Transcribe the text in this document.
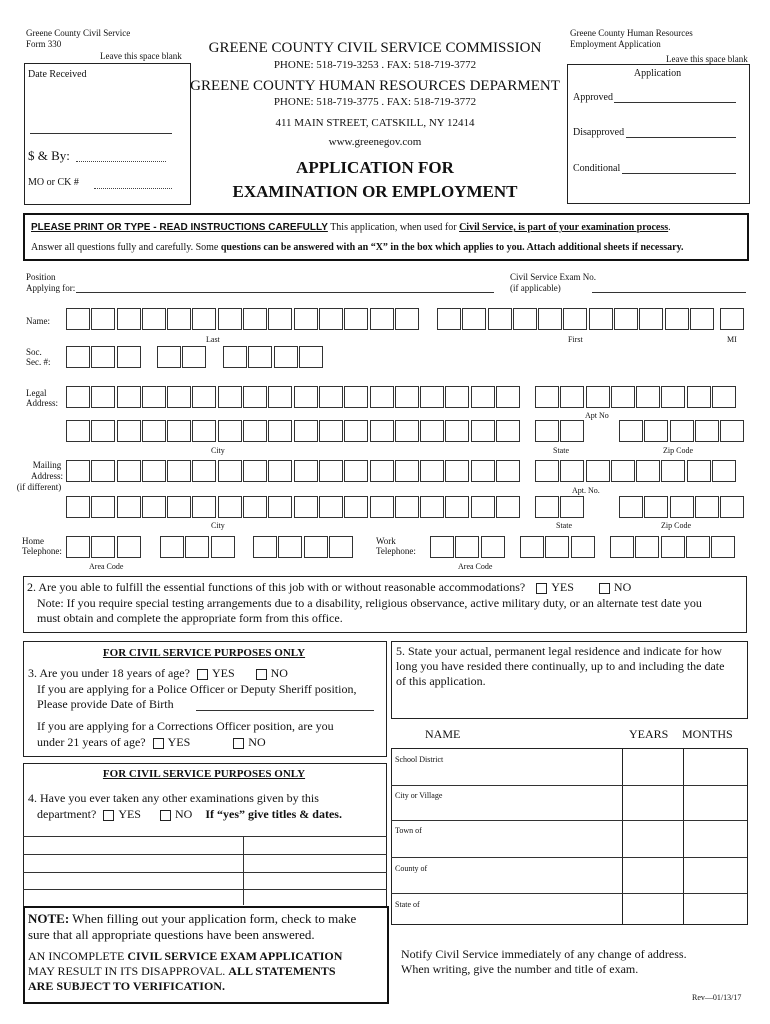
Greene County Civil Service
Form 330
Leave this space blank
Date Received
$ & By:
MO or CK #
GREENE COUNTY CIVIL SERVICE COMMISSION
PHONE: 518-719-3253 . FAX: 518-719-3772
GREENE COUNTY HUMAN RESOURCES DEPARMENT
PHONE: 518-719-3775 . FAX: 518-719-3772
411 MAIN STREET, CATSKILL, NY 12414
www.greenegov.com
APPLICATION FOR
EXAMINATION OR EMPLOYMENT
Greene County Human Resources
Employment Application
Leave this space blank
Application
Approved
Disapproved
Conditional
PLEASE PRINT OR TYPE - READ INSTRUCTIONS CAREFULLY This application, when used for Civil Service, is part of your examination process.
Answer all questions fully and carefully. Some questions can be answered with an “X” in the box which applies to you. Attach additional sheets if necessary.
Position
Applying for:
Civil Service Exam No.
(if applicable)
Name:
Last	First	MI
Soc.
Sec. #:
Legal
Address:
Apt No
City	State	Zip Code
Mailing
Address:
(if different)	Apt. No.
City	State	Zip Code
Home
Telephone:
Area Code
Work
Telephone:
Area Code
2. Are you able to fulfill the essential functions of this job with or without reasonable accommodations? YES	NO
Note: If you require special testing arrangements due to a disability, religious observance, active military duty, or an alternate test date you
must obtain and complete the appropriate form from this office.
FOR CIVIL SERVICE PURPOSES ONLY
3. Are you under 18 years of age? YES	NO
If you are applying for a Police Officer or Deputy Sheriff position,
Please provide Date of Birth
If you are applying for a Corrections Officer position, are you
under 21 years of age? YES	NO
FOR CIVIL SERVICE PURPOSES ONLY
4. Have you ever taken any other examinations given by this
department? YES	NO If “yes” give titles & dates.
NOTE: When filling out your application form, check to make
sure that all appropriate questions have been answered.
AN INCOMPLETE CIVIL SERVICE EXAM APPLICATION
MAY RESULT IN ITS DISAPPROVAL. ALL STATEMENTS
ARE SUBJECT TO VERIFICATION.
5. State your actual, permanent legal residence and indicate for how
long you have resided there continually, up to and including the date
of this application.
NAME	YEARS MONTHS
School District
City or Village
Town of
County of
State of
Notify Civil Service immediately of any change of address.
When writing, give the number and title of exam.
Rev—01/13/17
